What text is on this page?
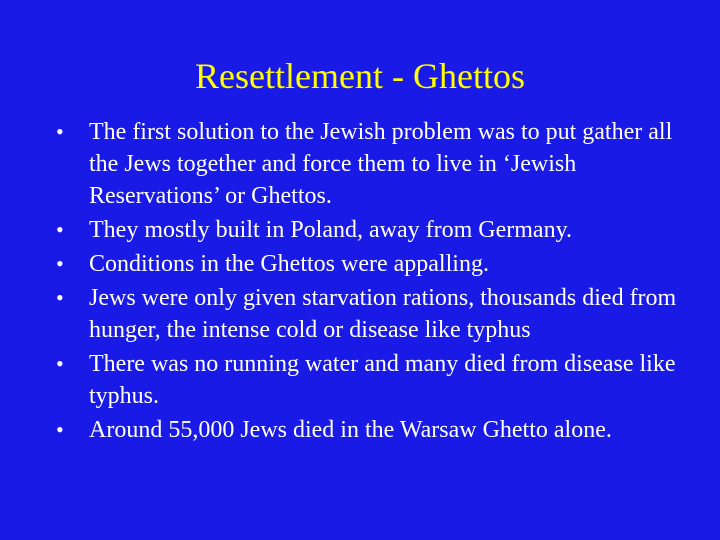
Resettlement - Ghettos
•	The first solution to the Jewish problem was to put gather all the Jews together and force them to live in ‘Jewish Reservations’ or Ghettos.
•	They mostly built in Poland, away from Germany.
•	Conditions in the Ghettos were appalling.
•	Jews were only given starvation rations, thousands died from hunger, the intense cold or disease like typhus
•	There was no running water and many died from disease like typhus.
•	Around 55,000 Jews died in the Warsaw Ghetto alone.
